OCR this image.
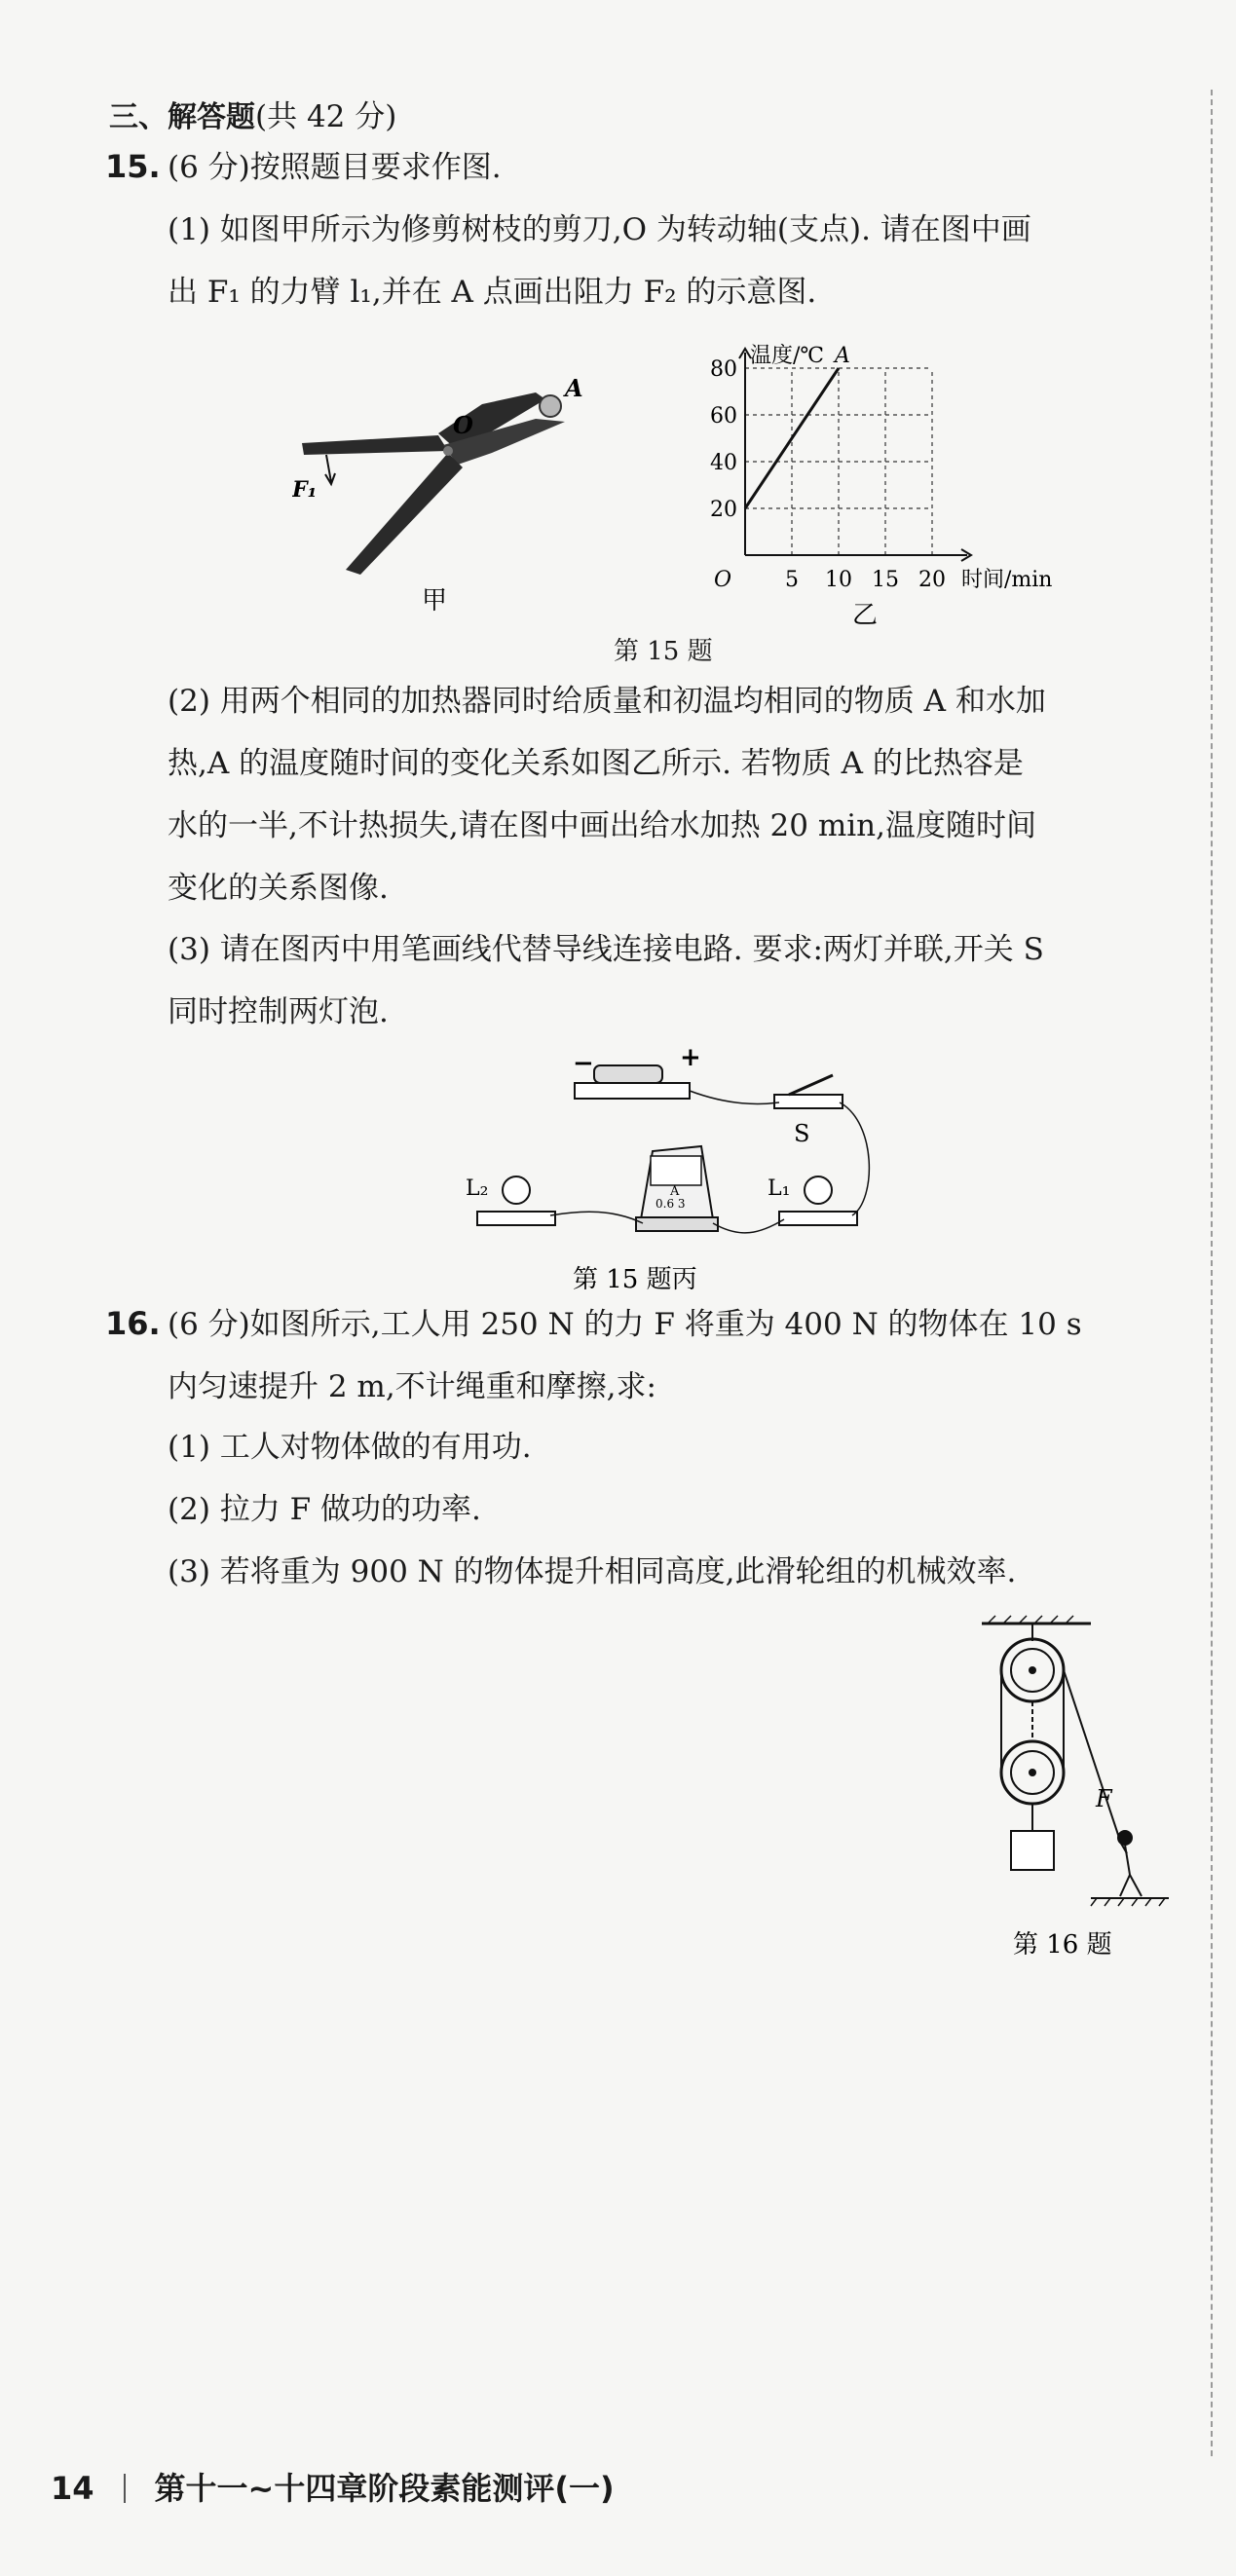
三、解答题(共 42 分)
15. (6 分)按照题目要求作图.
(1) 如图甲所示为修剪树枝的剪刀,O 为转动轴(支点). 请在图中画
出 F₁ 的力臂 l₁,并在 A 点画出阻力 F₂ 的示意图.
O
A
F₁
甲
20
40
60
80
5 10 15 20
A
温度/℃
时间/min
O
乙
第 15 题
(2) 用两个相同的加热器同时给质量和初温均相同的物质 A 和水加
热,A 的温度随时间的变化关系如图乙所示. 若物质 A 的比热容是
水的一半,不计热损失,请在图中画出给水加热 20 min,温度随时间
变化的关系图像.
(3) 请在图丙中用笔画线代替导线连接电路. 要求:两灯并联,开关 S
同时控制两灯泡.
−	+
S
A
0.6 3
L₂	L₁
第 15 题丙
16. (6 分)如图所示,工人用 250 N 的力 F 将重为 400 N 的物体在 10 s
内匀速提升 2 m,不计绳重和摩擦,求:
(1) 工人对物体做的有用功.
(2) 拉力 F 做功的功率.
(3) 若将重为 900 N 的物体提升相同高度,此滑轮组的机械效率.
F
第 16 题
14 第十一~十四章阶段素能测评(一)
